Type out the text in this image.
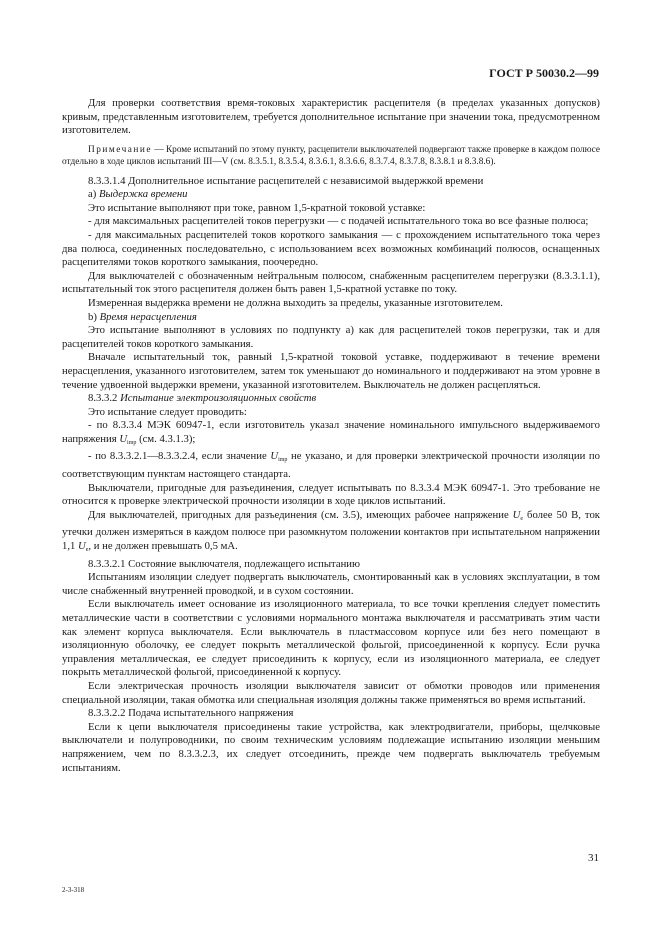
ГОСТ Р 50030.2—99

Для проверки соответствия время-токовых характеристик расцепителя (в пределах указанных допусков) кривым, представленным изготовителем, требуется дополнительное испытание при значении тока, предусмотренном изготовителем.

Примечание — Кроме испытаний по этому пункту, расцепители выключателей подвергают также проверке в каждом полюсе отдельно в ходе циклов испытаний III—V (см. 8.3.5.1, 8.3.5.4, 8.3.6.1, 8.3.6.6, 8.3.7.4, 8.3.7.8, 8.3.8.1 и 8.3.8.6).

8.3.3.1.4 Дополнительное испытание расцепителей с независимой выдержкой времени

a) Выдержка времени

Это испытание выполняют при токе, равном 1,5-кратной токовой уставке:

- для максимальных расцепителей токов перегрузки — с подачей испытательного тока во все фазные полюса;

- для максимальных расцепителей токов короткого замыкания — с прохождением испытательного тока через два полюса, соединенных последовательно, с использованием всех возможных комбинаций полюсов, оснащенных расцепителями токов короткого замыкания, поочередно.

Для выключателей с обозначенным нейтральным полюсом, снабженным расцепителем перегрузки (8.3.3.1.1), испытательный ток этого расцепителя должен быть равен 1,5-кратной уставке по току.

Измеренная выдержка времени не должна выходить за пределы, указанные изготовителем.

b) Время нерасцепления

Это испытание выполняют в условиях по подпункту а) как для расцепителей токов перегрузки, так и для расцепителей токов короткого замыкания.

Вначале испытательный ток, равный 1,5-кратной токовой уставке, поддерживают в течение времени нерасцепления, указанного изготовителем, затем ток уменьшают до номинального и поддерживают на этом уровне в течение удвоенной выдержки времени, указанной изготовителем. Выключатель не должен расцепляться.

8.3.3.2 Испытание электроизоляционных свойств

Это испытание следует проводить:

- по 8.3.3.4 МЭК 60947-1, если изготовитель указал значение номинального импульсного выдерживаемого напряжения $U_{imp}$ (см. 4.3.1.3);

- по 8.3.3.2.1—8.3.3.2.4, если значение $U_{imp}$ не указано, и для проверки электрической прочности изоляции по соответствующим пунктам настоящего стандарта.

Выключатели, пригодные для разъединения, следует испытывать по 8.3.3.4 МЭК 60947-1. Это требование не относится к проверке электрической прочности изоляции в ходе циклов испытаний.

Для выключателей, пригодных для разъединения (см. 3.5), имеющих рабочее напряжение $U_e$ более 50 В, ток утечки должен измеряться в каждом полюсе при разомкнутом положении контактов при испытательном напряжении 1,1 $U_e$, и не должен превышать 0,5 мА.

8.3.3.2.1 Состояние выключателя, подлежащего испытанию

Испытаниям изоляции следует подвергать выключатель, смонтированный как в условиях эксплуатации, в том числе снабженный внутренней проводкой, и в сухом состоянии.

Если выключатель имеет основание из изоляционного материала, то все точки крепления следует поместить металлические части в соответствии с условиями нормального монтажа выключателя и рассматривать этим части как элемент корпуса выключателя. Если выключатель в пластмассовом корпусе или без него помещают в изоляционную оболочку, ее следует покрыть металлической фольгой, присоединенной к корпусу. Если ручка управления металлическая, ее следует присоединить к корпусу, если из изоляционного материала, ее следует покрыть металлической фольгой, присоединенной к корпусу.

Если электрическая прочность изоляции выключателя зависит от обмотки проводов или применения специальной изоляции, такая обмотка или специальная изоляция должны также применяться во время испытаний.

8.3.3.2.2 Подача испытательного напряжения

Если к цепи выключателя присоединены такие устройства, как электродвигатели, приборы, щелчковые выключатели и полупроводники, по своим техническим условиям подлежащие испытанию изоляции меньшим напряжением, чем по 8.3.3.2.3, их следует отсоединить, прежде чем подвергать выключатель требуемым испытаниям.

31
2-3-318
